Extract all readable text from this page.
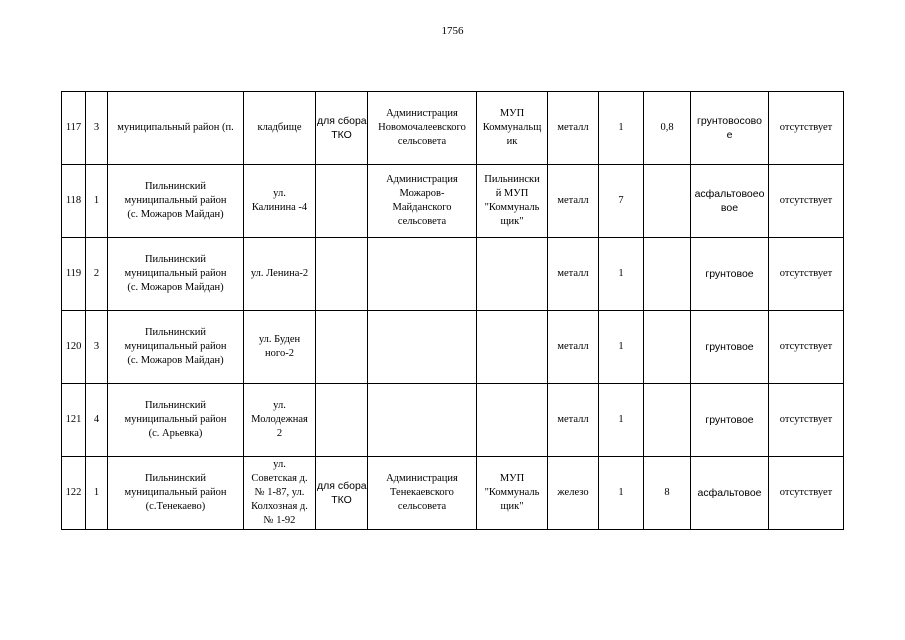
1756
117	3	муниципальный район (п.	кладбище	для сбора
ТКО	Администрация
Новомочалеевского
сельсовета	МУП
Коммунальщ
ик	металл	1	0,8	грунтовосово
е	отсутствует
118	1	Пильнинский
муниципальный район
(с. Можаров Майдан)	ул.
Калинина -4		Администрация
Можаров-
Майданского
сельсовета	Пильнински
й МУП
"Коммуналь
щик"	металл	7		асфальтовоео
вое	отсутствует
119	2	Пильнинский
муниципальный район
(с. Можаров Майдан)	ул. Ленина-2				металл	1		грунтовое	отсутствует
120	3	Пильнинский
муниципальный район
(с. Можаров Майдан)	ул. Буден
ного-2				металл	1		грунтовое	отсутствует
121	4	Пильнинский
муниципальный район
(с. Арьевка)	ул.
Молодежная
2				металл	1		грунтовое	отсутствует
122	1	Пильнинский
муниципальный район
(с.Тенекаево)	ул.
Советская д.
№ 1-87, ул.
Колхозная д.
№ 1-92	для сбора
ТКО	Администрация
Тенекаевского
сельсовета	МУП
"Коммуналь
щик"	железо	1	8	асфальтовое	отсутствует
